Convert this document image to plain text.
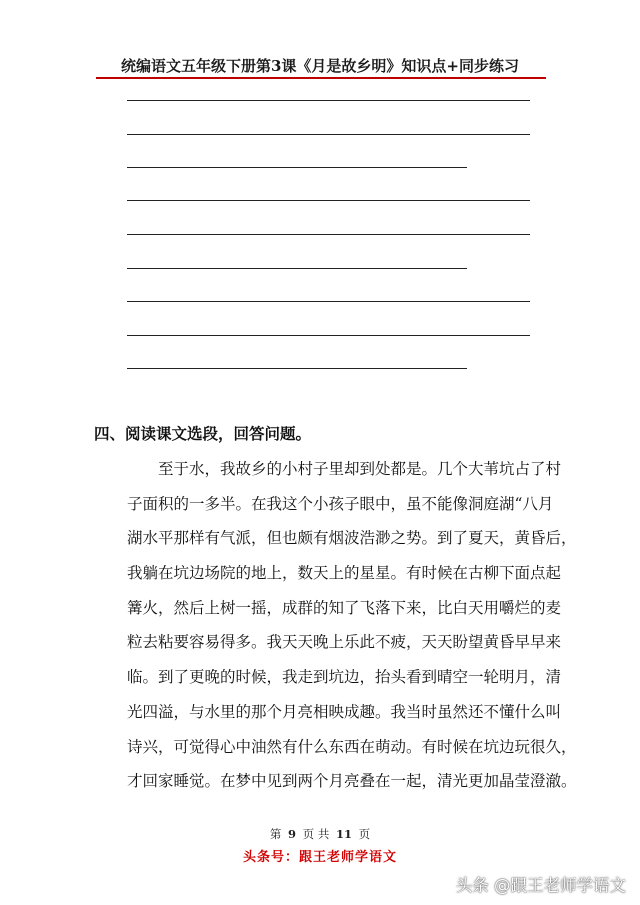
统编语文五年级下册第3课《月是故乡明》知识点+同步练习
四、阅读课文选段，回答问题。
至于水，我故乡的小村子里却到处都是。几个大苇坑占了村
子面积的一多半。在我这个小孩子眼中，虽不能像洞庭湖“八月
湖水平那样有气派，但也颇有烟波浩渺之势。到了夏天，黄昏后，
我躺在坑边场院的地上，数天上的星星。有时候在古柳下面点起
篝火，然后上树一摇，成群的知了飞落下来，比白天用嚼烂的麦
粒去粘要容易得多。我天天晚上乐此不疲，天天盼望黄昏早早来
临。到了更晚的时候，我走到坑边，抬头看到晴空一轮明月，清
光四溢，与水里的那个月亮相映成趣。我当时虽然还不懂什么叫
诗兴，可觉得心中油然有什么东西在萌动。有时候在坑边玩很久，
才回家睡觉。在梦中见到两个月亮叠在一起，清光更加晶莹澄澈。
第 9 页 共 11 页
头条号：跟王老师学语文
头条 @跟王老师学语文
